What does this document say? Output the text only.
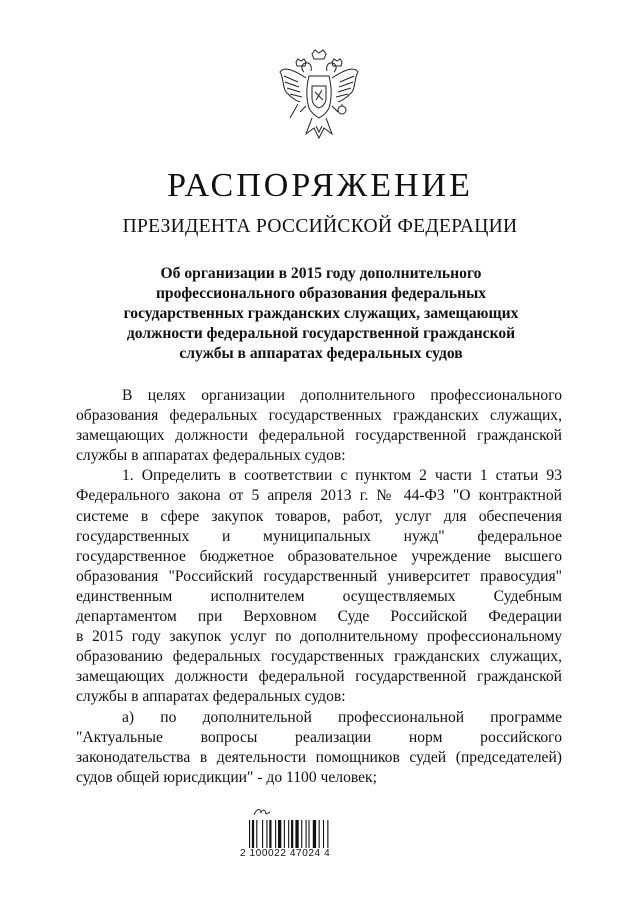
РАСПОРЯЖЕНИЕ
ПРЕЗИДЕНТА РОССИЙСКОЙ ФЕДЕРАЦИИ
Об организации в 2015 году дополнительного
профессионального образования федеральных
государственных гражданских служащих, замещающих
должности федеральной государственной гражданской
службы в аппаратах федеральных судов
В целях организации дополнительного профессионального
образования федеральных государственных гражданских служащих,
замещающих должности федеральной государственной гражданской
службы в аппаратах федеральных судов:
1. Определить в соответствии с пунктом 2 части 1 статьи 93
Федерального закона от 5 апреля 2013 г. № 44-ФЗ "О контрактной
системе в сфере закупок товаров, работ, услуг для обеспечения
государственных и муниципальных нужд" федеральное
государственное бюджетное образовательное учреждение высшего
образования "Российский государственный университет правосудия"
единственным исполнителем осуществляемых Судебным
департаментом при Верховном Суде Российской Федерации
в 2015 году закупок услуг по дополнительному профессиональному
образованию федеральных государственных гражданских служащих,
замещающих должности федеральной государственной гражданской
службы в аппаратах федеральных судов:
а) по дополнительной профессиональной программе
"Актуальные вопросы реализации норм российского
законодательства в деятельности помощников судей (председателей)
судов общей юрисдикции" - до 1100 человек;
2 100022 47024 4
